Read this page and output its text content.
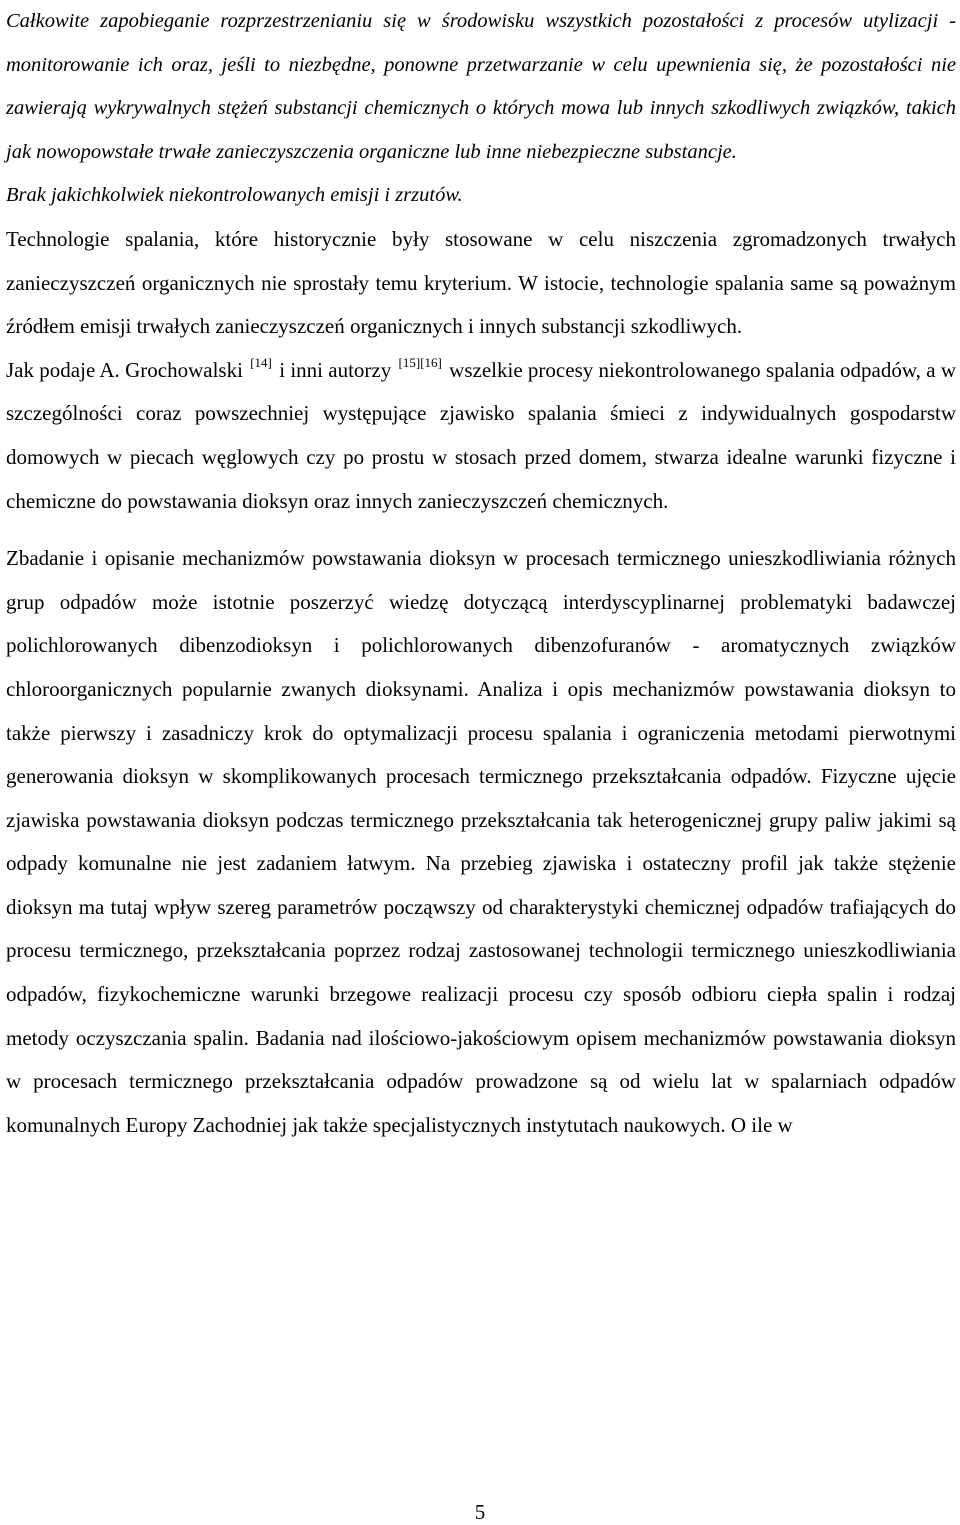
Całkowite zapobieganie rozprzestrzenianiu się w środowisku wszystkich pozostałości z procesów utylizacji - monitorowanie ich oraz, jeśli to niezbędne, ponowne przetwarzanie w celu upewnienia się, że pozostałości nie zawierają wykrywalnych stężeń substancji chemicznych o których mowa lub innych szkodliwych związków, takich jak nowopowstałe trwałe zanieczyszczenia organiczne lub inne niebezpieczne substancje.

Brak jakichkolwiek niekontrolowanych emisji i zrzutów.

Technologie spalania, które historycznie były stosowane w celu niszczenia zgromadzonych trwałych zanieczyszczeń organicznych nie sprostały temu kryterium. W istocie, technologie spalania same są poważnym źródłem emisji trwałych zanieczyszczeń organicznych i innych substancji szkodliwych.

Jak podaje A. Grochowalski [14] i inni autorzy [15][16] wszelkie procesy niekontrolowanego spalania odpadów, a w szczególności coraz powszechniej występujące zjawisko spalania śmieci z indywidualnych gospodarstw domowych w piecach węglowych czy po prostu w stosach przed domem, stwarza idealne warunki fizyczne i chemiczne do powstawania dioksyn oraz innych zanieczyszczeń chemicznych.

Zbadanie i opisanie mechanizmów powstawania dioksyn w procesach termicznego unieszkodliwiania różnych grup odpadów może istotnie poszerzyć wiedzę dotyczącą interdyscyplinarnej problematyki badawczej polichlorowanych dibenzodioksyn i polichlorowanych dibenzofuranów - aromatycznych związków chloroorganicznych popularnie zwanych dioksynami. Analiza i opis mechanizmów powstawania dioksyn to także pierwszy i zasadniczy krok do optymalizacji procesu spalania i ograniczenia metodami pierwotnymi generowania dioksyn w skomplikowanych procesach termicznego przekształcania odpadów. Fizyczne ujęcie zjawiska powstawania dioksyn podczas termicznego przekształcania tak heterogenicznej grupy paliw jakimi są odpady komunalne nie jest zadaniem łatwym. Na przebieg zjawiska i ostateczny profil jak także stężenie dioksyn ma tutaj wpływ szereg parametrów począwszy od charakterystyki chemicznej odpadów trafiających do procesu termicznego, przekształcania poprzez rodzaj zastosowanej technologii termicznego unieszkodliwiania odpadów, fizykochemiczne warunki brzegowe realizacji procesu czy sposób odbioru ciepła spalin i rodzaj metody oczyszczania spalin. Badania nad ilościowo-jakościowym opisem mechanizmów powstawania dioksyn w procesach termicznego przekształcania odpadów prowadzone są od wielu lat w spalarniach odpadów komunalnych Europy Zachodniej jak także specjalistycznych instytutach naukowych. O ile w

5
